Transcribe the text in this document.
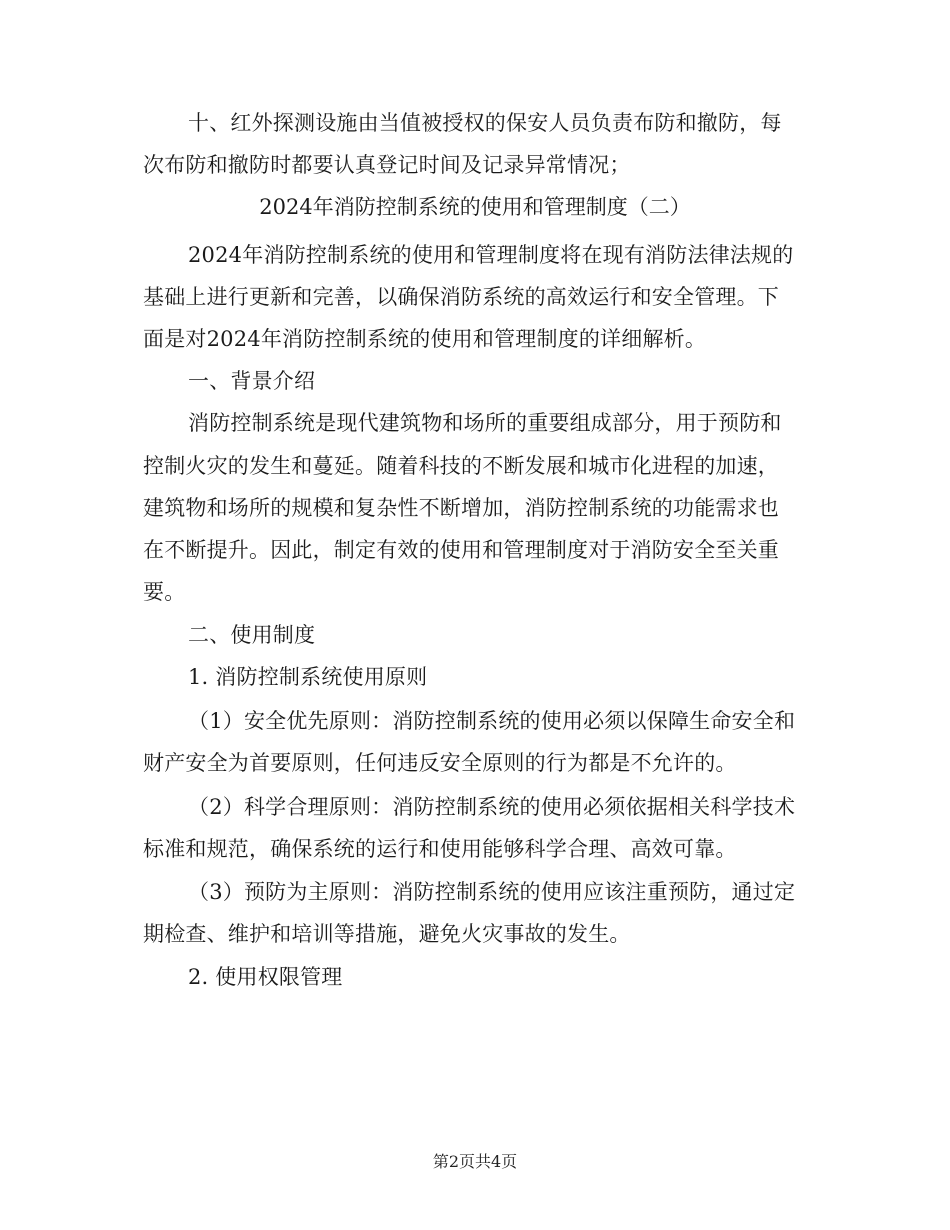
十、红外探测设施由当值被授权的保安人员负责布防和撤防，每
次布防和撤防时都要认真登记时间及记录异常情况；
2024年消防控制系统的使用和管理制度（二）
2024年消防控制系统的使用和管理制度将在现有消防法律法规的
基础上进行更新和完善，以确保消防系统的高效运行和安全管理。下
面是对2024年消防控制系统的使用和管理制度的详细解析。
一、背景介绍
消防控制系统是现代建筑物和场所的重要组成部分，用于预防和
控制火灾的发生和蔓延。随着科技的不断发展和城市化进程的加速，
建筑物和场所的规模和复杂性不断增加，消防控制系统的功能需求也
在不断提升。因此，制定有效的使用和管理制度对于消防安全至关重
要。
二、使用制度
1. 消防控制系统使用原则
（1）安全优先原则：消防控制系统的使用必须以保障生命安全和
财产安全为首要原则，任何违反安全原则的行为都是不允许的。
（2）科学合理原则：消防控制系统的使用必须依据相关科学技术
标准和规范，确保系统的运行和使用能够科学合理、高效可靠。
（3）预防为主原则：消防控制系统的使用应该注重预防，通过定
期检查、维护和培训等措施，避免火灾事故的发生。
2. 使用权限管理
第2页共4页
